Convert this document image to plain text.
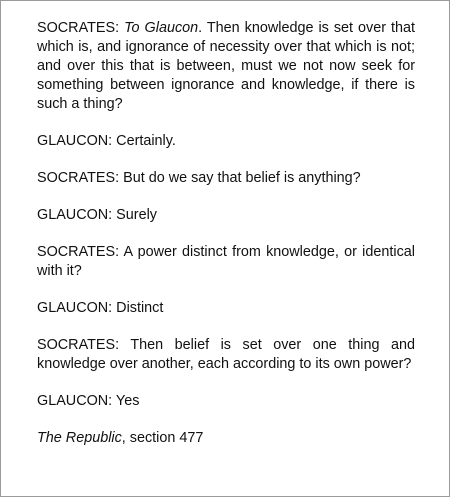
SOCRATES: To Glaucon. Then knowledge is set over that which is, and ignorance of necessity over that which is not; and over this that is between, must we not now seek for something between ignorance and knowledge, if there is such a thing?

GLAUCON: Certainly.

SOCRATES: But do we say that belief is anything?

GLAUCON: Surely

SOCRATES: A power distinct from knowledge, or identical with it?

GLAUCON: Distinct

SOCRATES: Then belief is set over one thing and knowledge over another, each according to its own power?

GLAUCON: Yes

The Republic, section 477
